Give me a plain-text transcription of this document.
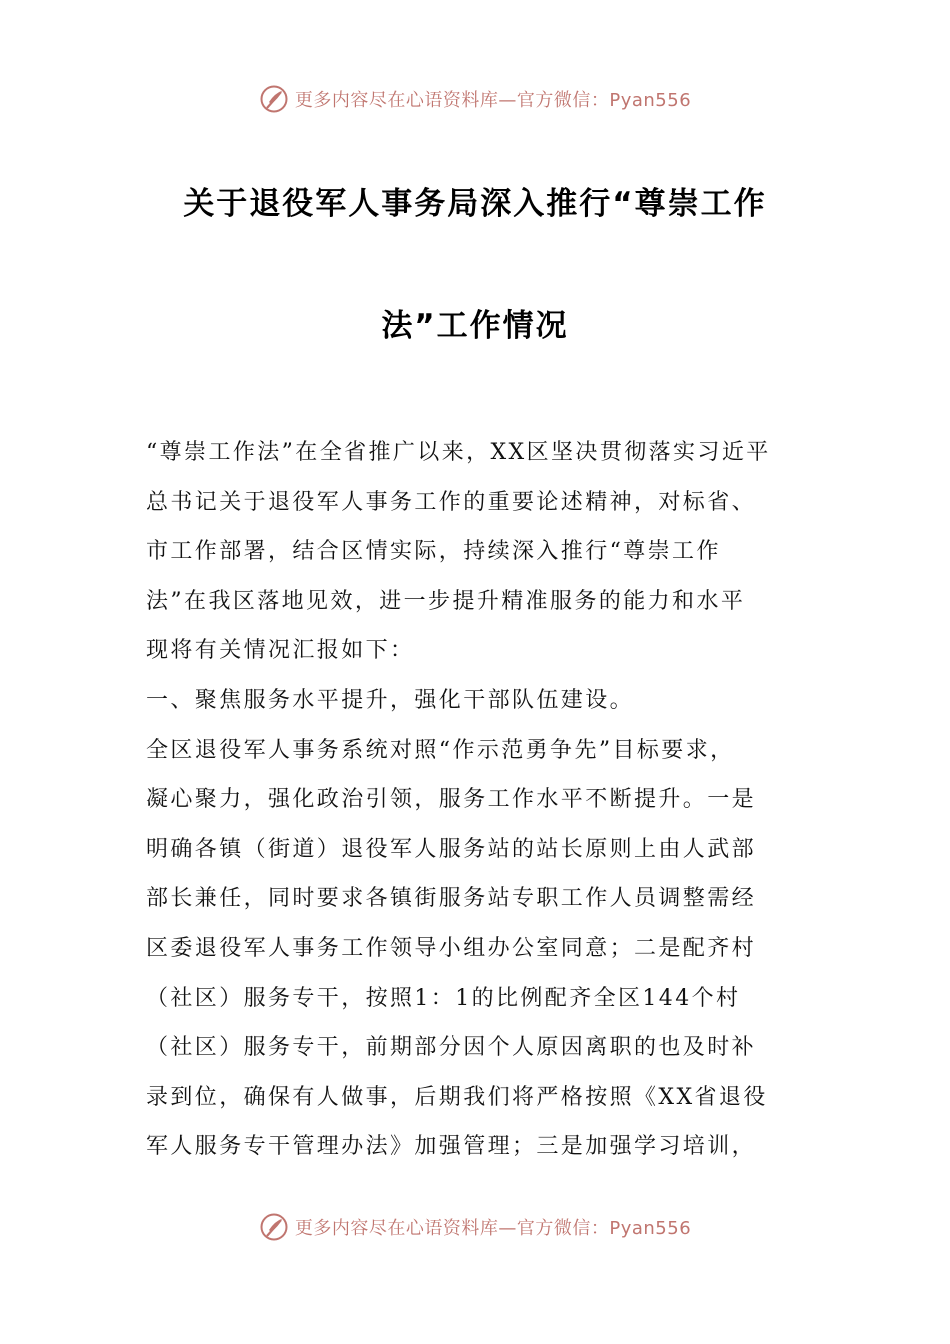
更多内容尽在心语资料库—官方微信：Pyan556
关于退役军人事务局深入推行“尊崇工作
法”工作情况
“尊崇工作法”在全省推广以来，XX区坚决贯彻落实习近平
总书记关于退役军人事务工作的重要论述精神，对标省、
市工作部署，结合区情实际，持续深入推行“尊崇工作
法”在我区落地见效，进一步提升精准服务的能力和水平
现将有关情况汇报如下：
一、聚焦服务水平提升，强化干部队伍建设。
全区退役军人事务系统对照“作示范勇争先”目标要求，
凝心聚力，强化政治引领，服务工作水平不断提升。一是
明确各镇（街道）退役军人服务站的站长原则上由人武部
部长兼任，同时要求各镇街服务站专职工作人员调整需经
区委退役军人事务工作领导小组办公室同意；二是配齐村
（社区）服务专干，按照1：1的比例配齐全区144个村
（社区）服务专干，前期部分因个人原因离职的也及时补
录到位，确保有人做事，后期我们将严格按照《XX省退役
军人服务专干管理办法》加强管理；三是加强学习培训，
更多内容尽在心语资料库—官方微信：Pyan556
